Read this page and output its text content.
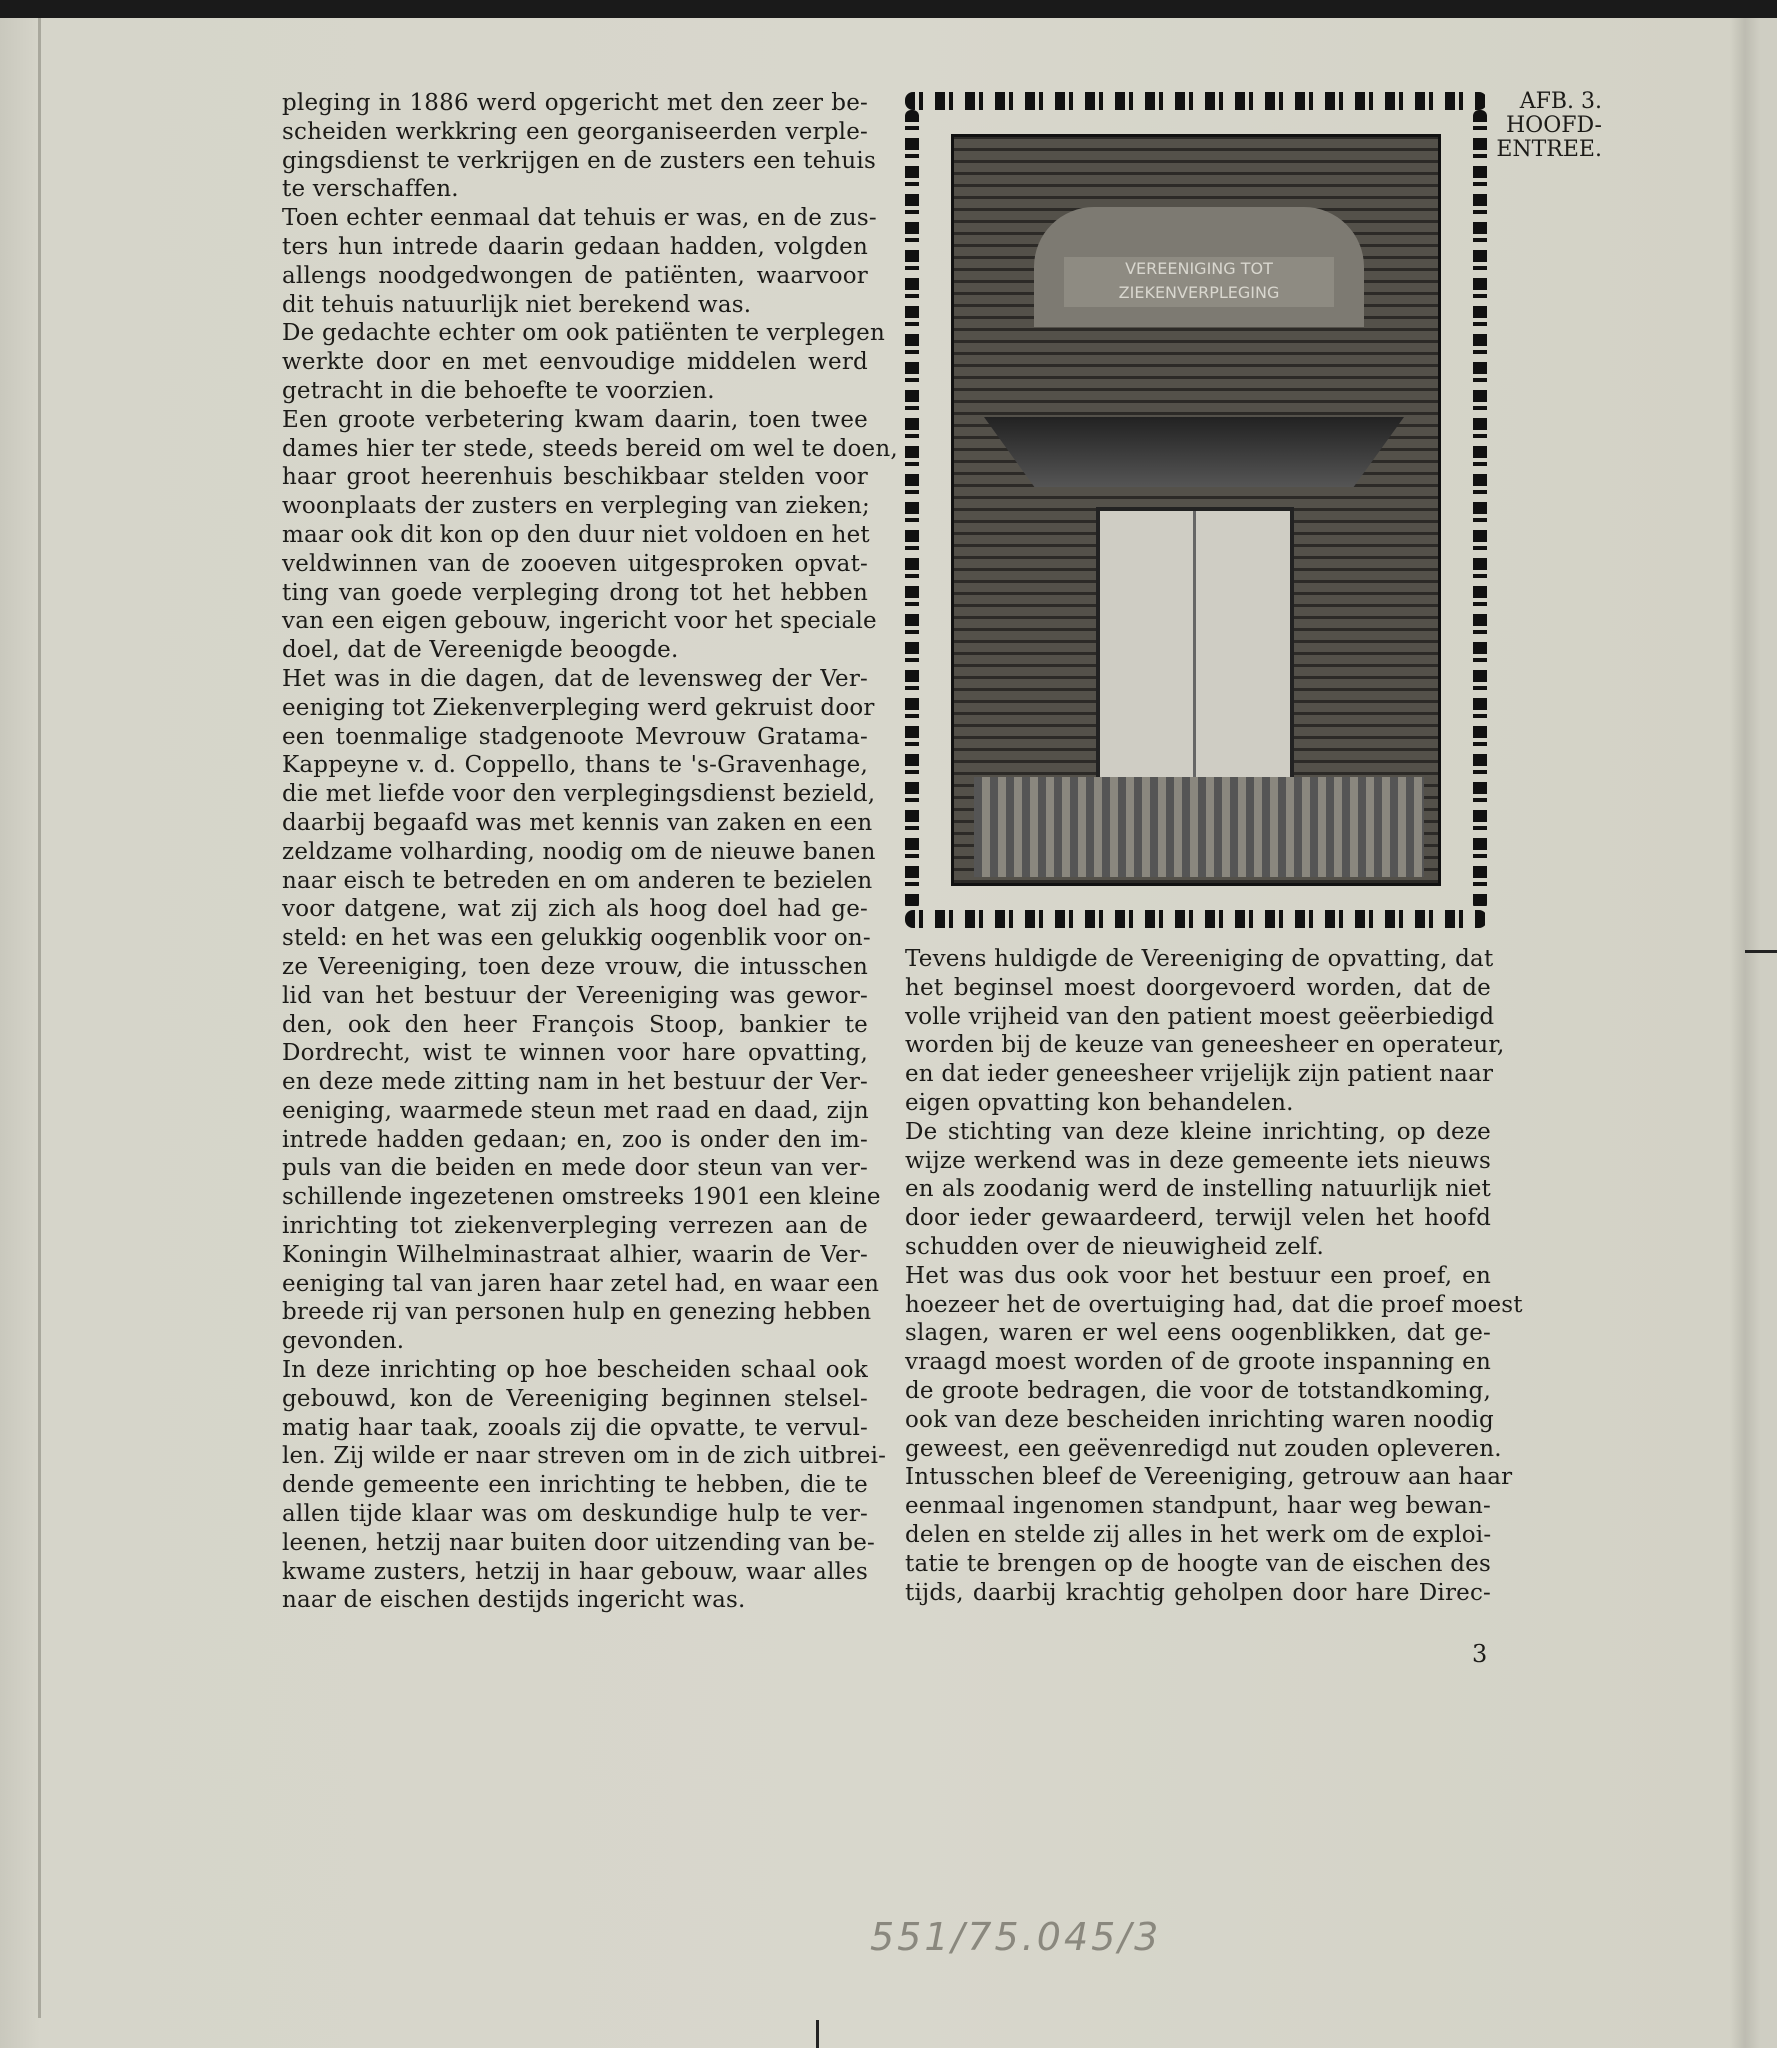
pleging in 1886 werd opgericht met den zeer be-
scheiden werkkring een georganiseerden verple-
gingsdienst te verkrijgen en de zusters een tehuis
te verschaffen.
Toen echter eenmaal dat tehuis er was, en de zus-
ters hun intrede daarin gedaan hadden, volgden
allengs noodgedwongen de patiënten, waarvoor
dit tehuis natuurlijk niet berekend was.
De gedachte echter om ook patiënten te verplegen
werkte door en met eenvoudige middelen werd
getracht in die behoefte te voorzien.
Een groote verbetering kwam daarin, toen twee
dames hier ter stede, steeds bereid om wel te doen,
haar groot heerenhuis beschikbaar stelden voor
woonplaats der zusters en verpleging van zieken;
maar ook dit kon op den duur niet voldoen en het
veldwinnen van de zooeven uitgesproken opvat-
ting van goede verpleging drong tot het hebben
van een eigen gebouw, ingericht voor het speciale
doel, dat de Vereenigde beoogde.
Het was in die dagen, dat de levensweg der Ver-
eeniging tot Ziekenverpleging werd gekruist door
een toenmalige stadgenoote Mevrouw Gratama-
Kappeyne v. d. Coppello, thans te 's-Gravenhage,
die met liefde voor den verplegingsdienst bezield,
daarbij begaafd was met kennis van zaken en een
zeldzame volharding, noodig om de nieuwe banen
naar eisch te betreden en om anderen te bezielen
voor datgene, wat zij zich als hoog doel had ge-
steld: en het was een gelukkig oogenblik voor on-
ze Vereeniging, toen deze vrouw, die intusschen
lid van het bestuur der Vereeniging was gewor-
den, ook den heer François Stoop, bankier te
Dordrecht, wist te winnen voor hare opvatting,
en deze mede zitting nam in het bestuur der Ver-
eeniging, waarmede steun met raad en daad, zijn
intrede hadden gedaan; en, zoo is onder den im-
puls van die beiden en mede door steun van ver-
schillende ingezetenen omstreeks 1901 een kleine
inrichting tot ziekenverpleging verrezen aan de
Koningin Wilhelminastraat alhier, waarin de Ver-
eeniging tal van jaren haar zetel had, en waar een
breede rij van personen hulp en genezing hebben
gevonden.
In deze inrichting op hoe bescheiden schaal ook
gebouwd, kon de Vereeniging beginnen stelsel-
matig haar taak, zooals zij die opvatte, te vervul-
len. Zij wilde er naar streven om in de zich uitbrei-
dende gemeente een inrichting te hebben, die te
allen tijde klaar was om deskundige hulp te ver-
leenen, hetzij naar buiten door uitzending van be-
kwame zusters, hetzij in haar gebouw, waar alles
naar de eischen destijds ingericht was.
Tevens huldigde de Vereeniging de opvatting, dat
het beginsel moest doorgevoerd worden, dat de
volle vrijheid van den patient moest geëerbiedigd
worden bij de keuze van geneesheer en operateur,
en dat ieder geneesheer vrijelijk zijn patient naar
eigen opvatting kon behandelen.
De stichting van deze kleine inrichting, op deze
wijze werkend was in deze gemeente iets nieuws
en als zoodanig werd de instelling natuurlijk niet
door ieder gewaardeerd, terwijl velen het hoofd
schudden over de nieuwigheid zelf.
Het was dus ook voor het bestuur een proef, en
hoezeer het de overtuiging had, dat die proef moest
slagen, waren er wel eens oogenblikken, dat ge-
vraagd moest worden of de groote inspanning en
de groote bedragen, die voor de totstandkoming,
ook van deze bescheiden inrichting waren noodig
geweest, een geëvenredigd nut zouden opleveren.
Intusschen bleef de Vereeniging, getrouw aan haar
eenmaal ingenomen standpunt, haar weg bewan-
delen en stelde zij alles in het werk om de exploi-
tatie te brengen op de hoogte van de eischen des
tijds, daarbij krachtig geholpen door hare Direc-
VEREENIGING TOT ZIEKENVERPLEGING
AFB. 3.
HOOFD-
ENTREE.
3
551/75.045/3
